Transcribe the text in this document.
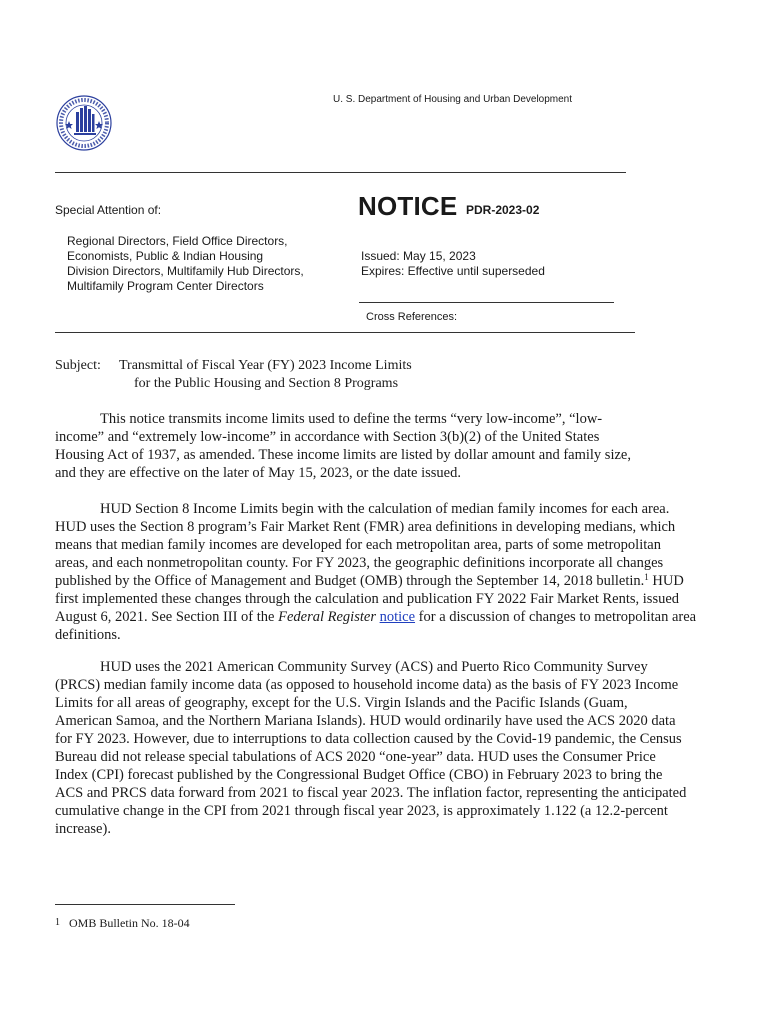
U. S. Department of Housing and Urban Development
Special Attention of:	NOTICE PDR-2023-02
Regional Directors, Field Office Directors,
Economists, Public & Indian Housing
Division Directors, Multifamily Hub Directors,
Multifamily Program Center Directors
Issued: May 15, 2023
Expires: Effective until superseded
Cross References:
Subject: Transmittal of Fiscal Year (FY) 2023 Income Limits
for the Public Housing and Section 8 Programs

This notice transmits income limits used to define the terms “very low-income”, “low-
income” and “extremely low-income” in accordance with Section 3(b)(2) of the United States
Housing Act of 1937, as amended. These income limits are listed by dollar amount and family size,
and they are effective on the later of May 15, 2023, or the date issued.

HUD Section 8 Income Limits begin with the calculation of median family incomes for each area.
HUD uses the Section 8 program’s Fair Market Rent (FMR) area definitions in developing medians, which
means that median family incomes are developed for each metropolitan area, parts of some metropolitan
areas, and each nonmetropolitan county. For FY 2023, the geographic definitions incorporate all changes
published by the Office of Management and Budget (OMB) through the September 14, 2018 bulletin.$^1$ HUD
first implemented these changes through the calculation and publication FY 2022 Fair Market Rents, issued
August 6, 2021. See Section III of the Federal Register notice for a discussion of changes to metropolitan area
definitions.

HUD uses the 2021 American Community Survey (ACS) and Puerto Rico Community Survey
(PRCS) median family income data (as opposed to household income data) as the basis of FY 2023 Income
Limits for all areas of geography, except for the U.S. Virgin Islands and the Pacific Islands (Guam,
American Samoa, and the Northern Mariana Islands). HUD would ordinarily have used the ACS 2020 data
for FY 2023. However, due to interruptions to data collection caused by the Covid-19 pandemic, the Census
Bureau did not release special tabulations of ACS 2020 “one-year” data. HUD uses the Consumer Price
Index (CPI) forecast published by the Congressional Budget Office (CBO) in February 2023 to bring the
ACS and PRCS data forward from 2021 to fiscal year 2023. The inflation factor, representing the anticipated
cumulative change in the CPI from 2021 through fiscal year 2023, is approximately 1.122 (a 12.2-percent
increase).

1 OMB Bulletin No. 18-04
